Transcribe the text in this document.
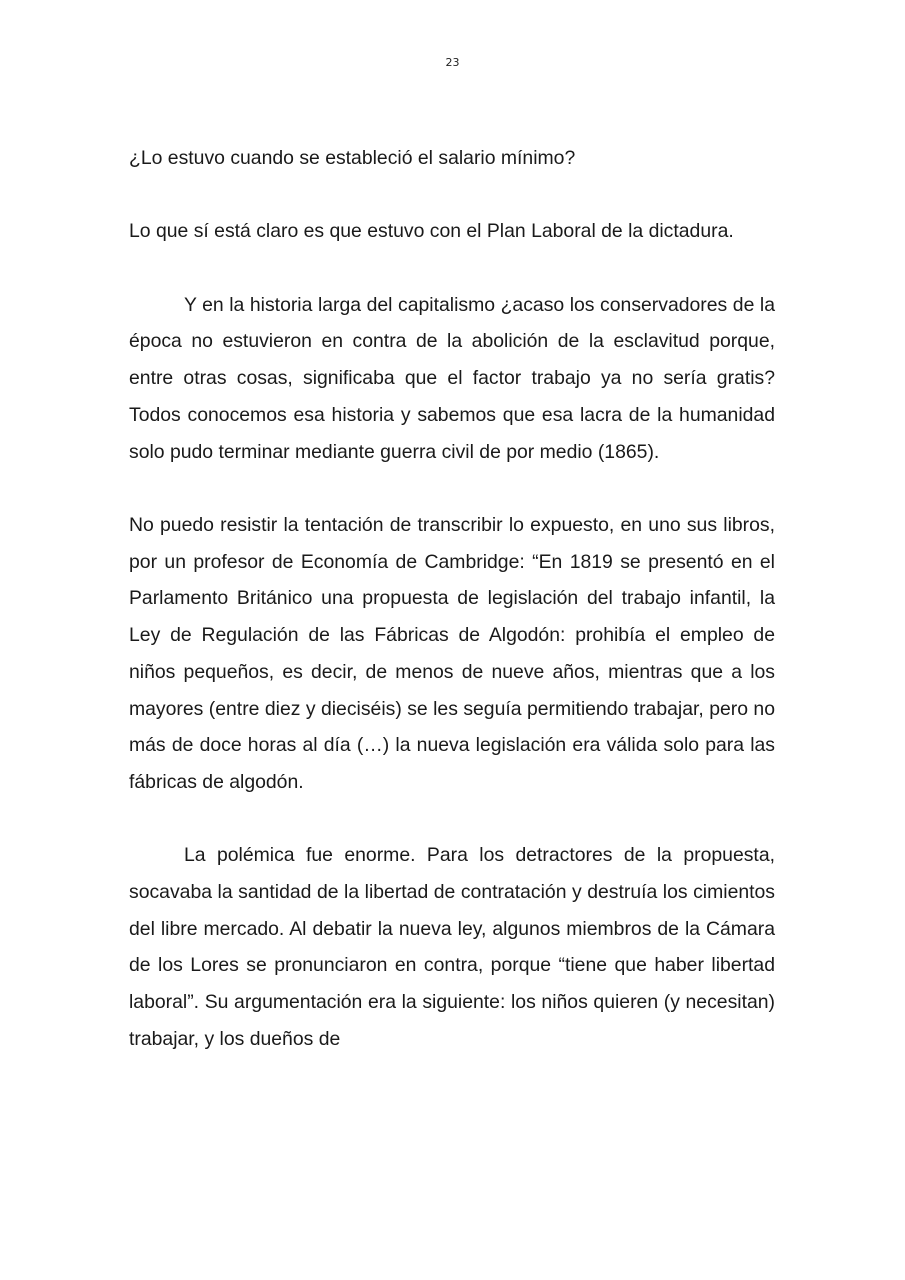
23

¿Lo estuvo cuando se estableció el salario mínimo?

Lo que sí está claro es que estuvo con el Plan Laboral de la dictadura.

Y en la historia larga del capitalismo ¿acaso los conservadores de la época no estuvieron en contra de la abolición de la esclavitud porque, entre otras cosas, significaba que el factor trabajo ya no sería gratis? Todos conocemos esa historia y sabemos que esa lacra de la humanidad solo pudo terminar mediante guerra civil de por medio (1865).

No puedo resistir la tentación de transcribir lo expuesto, en uno sus libros, por un profesor de Economía de Cambridge: “En 1819 se presentó en el Parlamento Británico una propuesta de legislación del trabajo infantil, la Ley de Regulación de las Fábricas de Algodón: prohibía el empleo de niños pequeños, es decir, de menos de nueve años, mientras que a los mayores (entre diez y dieciséis) se les seguía permitiendo trabajar, pero no más de doce horas al día (…) la nueva legislación era válida solo para las fábricas de algodón.

La polémica fue enorme. Para los detractores de la propuesta, socavaba la santidad de la libertad de contratación y destruía los cimientos del libre mercado. Al debatir la nueva ley, algunos miembros de la Cámara de los Lores se pronunciaron en contra, porque “tiene que haber libertad laboral”. Su argumentación era la siguiente: los niños quieren (y necesitan) trabajar, y los dueños de
